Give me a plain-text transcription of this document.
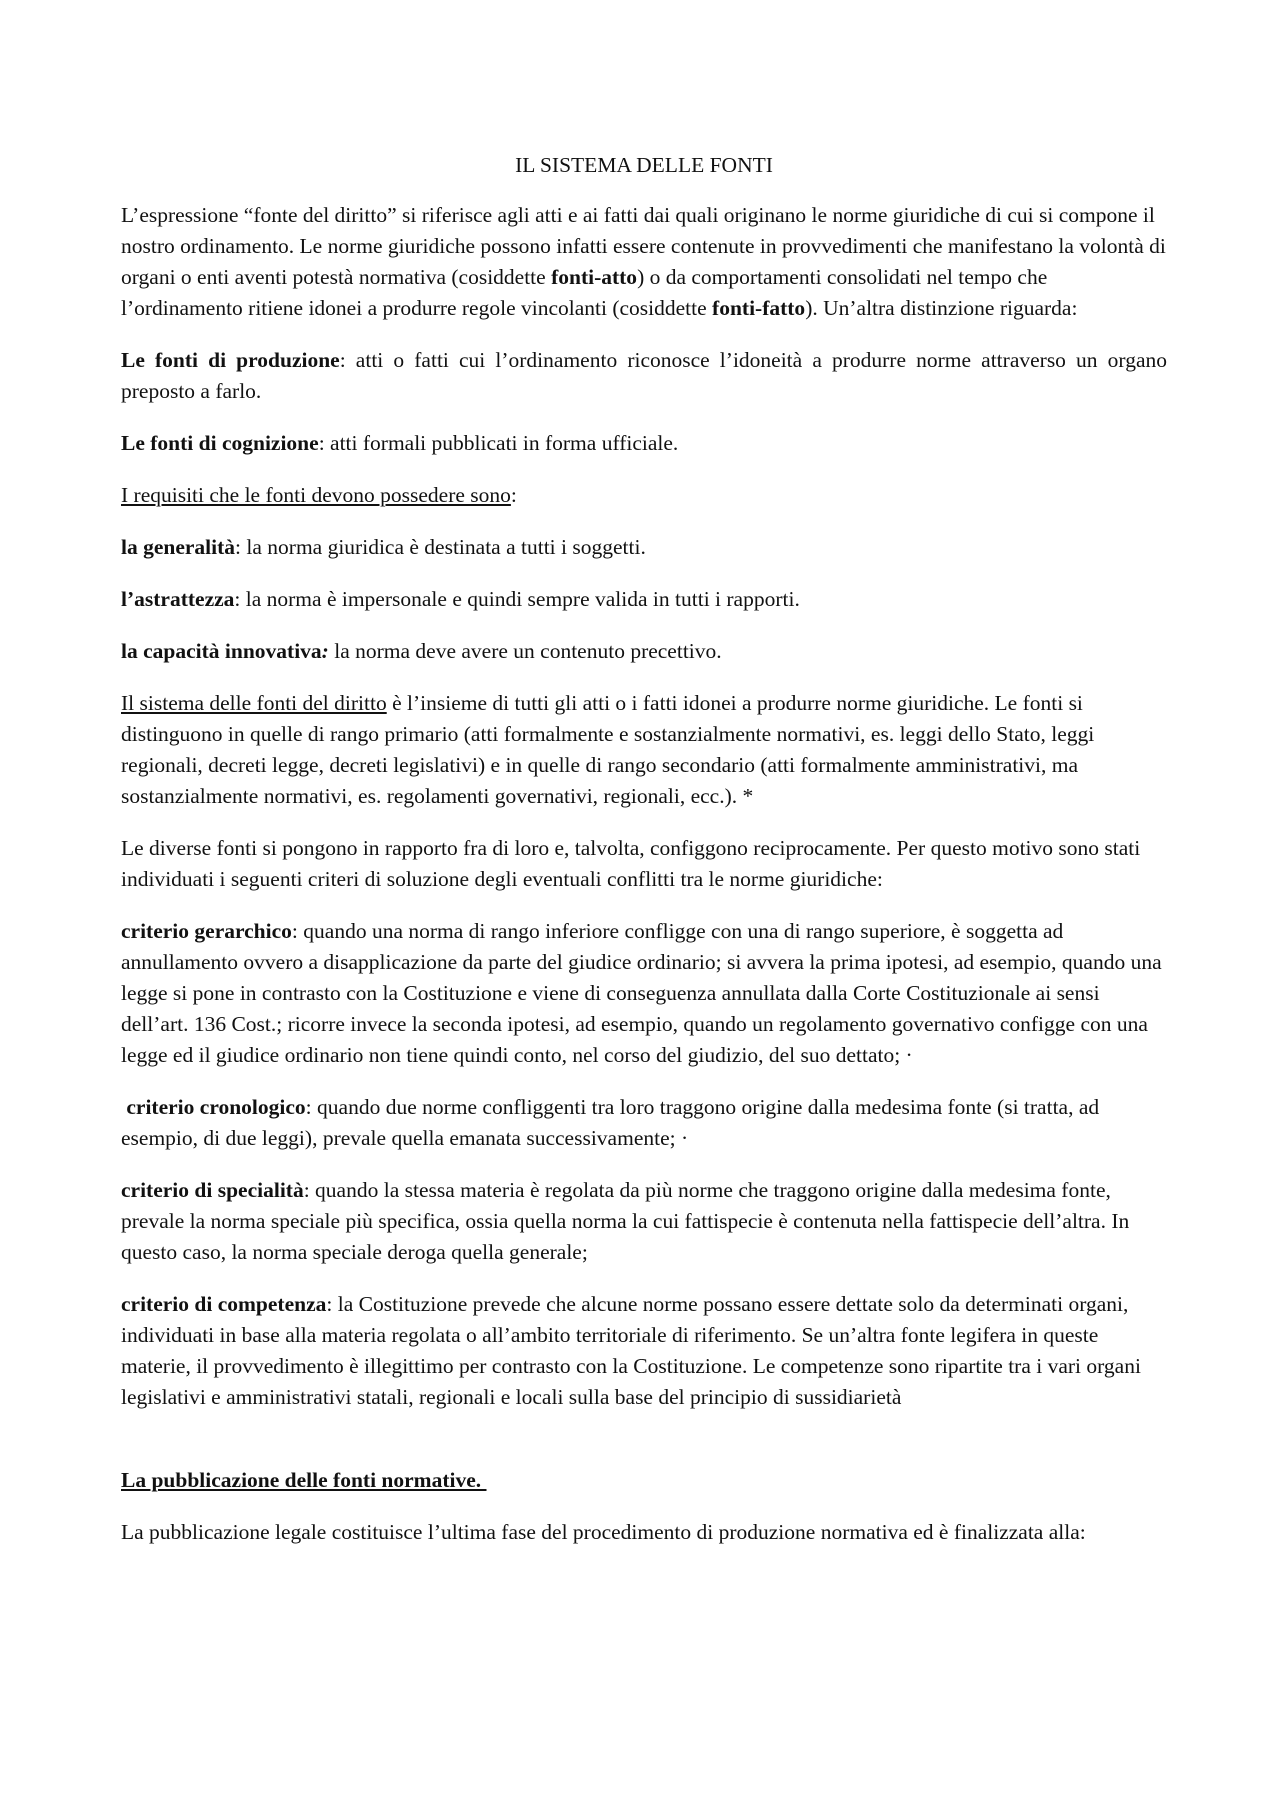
IL SISTEMA DELLE FONTI

L’espressione “fonte del diritto” si riferisce agli atti e ai fatti dai quali originano le norme giuridiche di cui si compone il nostro ordinamento. Le norme giuridiche possono infatti essere contenute in provvedimenti che manifestano la volontà di organi o enti aventi potestà normativa (cosiddette fonti-atto) o da comportamenti consolidati nel tempo che l’ordinamento ritiene idonei a produrre regole vincolanti (cosiddette fonti-fatto). Un’altra distinzione riguarda:

Le fonti di produzione: atti o fatti cui l’ordinamento riconosce l’idoneità a produrre norme attraverso un organo preposto a farlo.

Le fonti di cognizione: atti formali pubblicati in forma ufficiale.

I requisiti che le fonti devono possedere sono:

la generalità: la norma giuridica è destinata a tutti i soggetti.

l’astrattezza: la norma è impersonale e quindi sempre valida in tutti i rapporti.

la capacità innovativa: la norma deve avere un contenuto precettivo.

Il sistema delle fonti del diritto è l’insieme di tutti gli atti o i fatti idonei a produrre norme giuridiche. Le fonti si distinguono in quelle di rango primario (atti formalmente e sostanzialmente normativi, es. leggi dello Stato, leggi regionali, decreti legge, decreti legislativi) e in quelle di rango secondario (atti formalmente amministrativi, ma sostanzialmente normativi, es. regolamenti governativi, regionali, ecc.). *

Le diverse fonti si pongono in rapporto fra di loro e, talvolta, configgono reciprocamente. Per questo motivo sono stati individuati i seguenti criteri di soluzione degli eventuali conflitti tra le norme giuridiche:

criterio gerarchico: quando una norma di rango inferiore confligge con una di rango superiore, è soggetta ad annullamento ovvero a disapplicazione da parte del giudice ordinario; si avvera la prima ipotesi, ad esempio, quando una legge si pone in contrasto con la Costituzione e viene di conseguenza annullata dalla Corte Costituzionale ai sensi dell’art. 136 Cost.; ricorre invece la seconda ipotesi, ad esempio, quando un regolamento governativo configge con una legge ed il giudice ordinario non tiene quindi conto, nel corso del giudizio, del suo dettato; ·

criterio cronologico: quando due norme confliggenti tra loro traggono origine dalla medesima fonte (si tratta, ad esempio, di due leggi), prevale quella emanata successivamente; ·

criterio di specialità: quando la stessa materia è regolata da più norme che traggono origine dalla medesima fonte, prevale la norma speciale più specifica, ossia quella norma la cui fattispecie è contenuta nella fattispecie dell’altra. In questo caso, la norma speciale deroga quella generale;

criterio di competenza: la Costituzione prevede che alcune norme possano essere dettate solo da determinati organi, individuati in base alla materia regolata o all’ambito territoriale di riferimento. Se un’altra fonte legifera in queste materie, il provvedimento è illegittimo per contrasto con la Costituzione. Le competenze sono ripartite tra i vari organi legislativi e amministrativi statali, regionali e locali sulla base del principio di sussidiarietà

La pubblicazione delle fonti normative.

La pubblicazione legale costituisce l’ultima fase del procedimento di produzione normativa ed è finalizzata alla:
